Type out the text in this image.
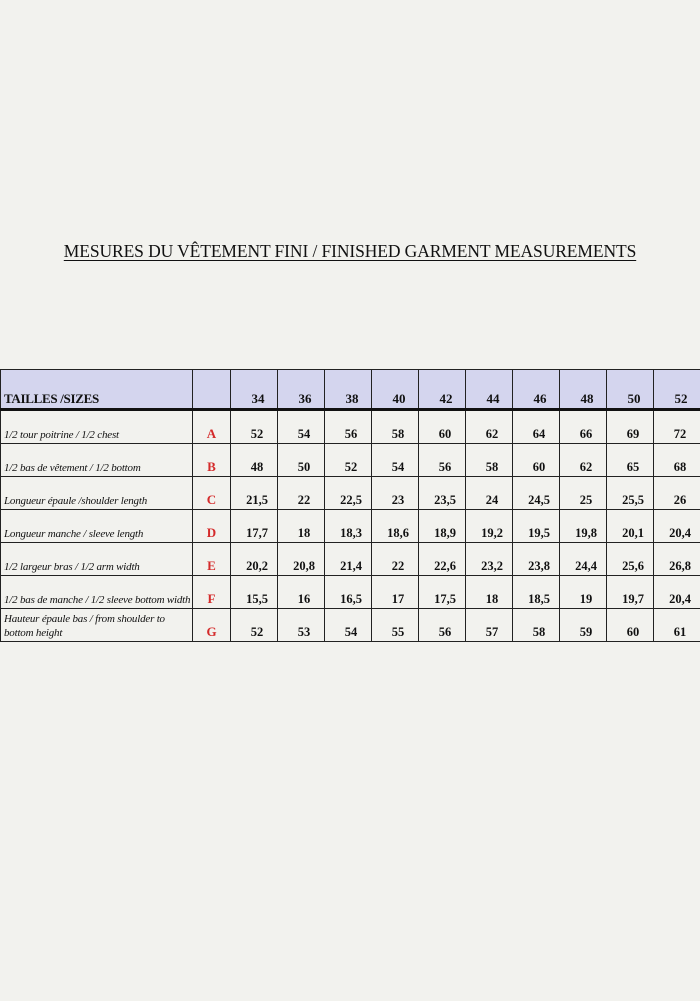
MESURES DU VÊTEMENT FINI / FINISHED GARMENT MEASUREMENTS
TAILLES /SIZES		34	36	38	40	42	44	46	48	50	52
1/2 tour poitrine / 1/2 chest	A	52	54	56	58	60	62	64	66	69	72
1/2 bas de vêtement / 1/2 bottom	B	48	50	52	54	56	58	60	62	65	68
Longueur épaule /shoulder length	C	21,5	22	22,5	23	23,5	24	24,5	25	25,5	26
Longueur manche / sleeve length	D	17,7	18	18,3	18,6	18,9	19,2	19,5	19,8	20,1	20,4
1/2 largeur bras / 1/2 arm width	E	20,2	20,8	21,4	22	22,6	23,2	23,8	24,4	25,6	26,8
1/2 bas de manche / 1/2 sleeve bottom width	F	15,5	16	16,5	17	17,5	18	18,5	19	19,7	20,4
Hauteur épaule bas / from shoulder to bottom height	G	52	53	54	55	56	57	58	59	60	61
